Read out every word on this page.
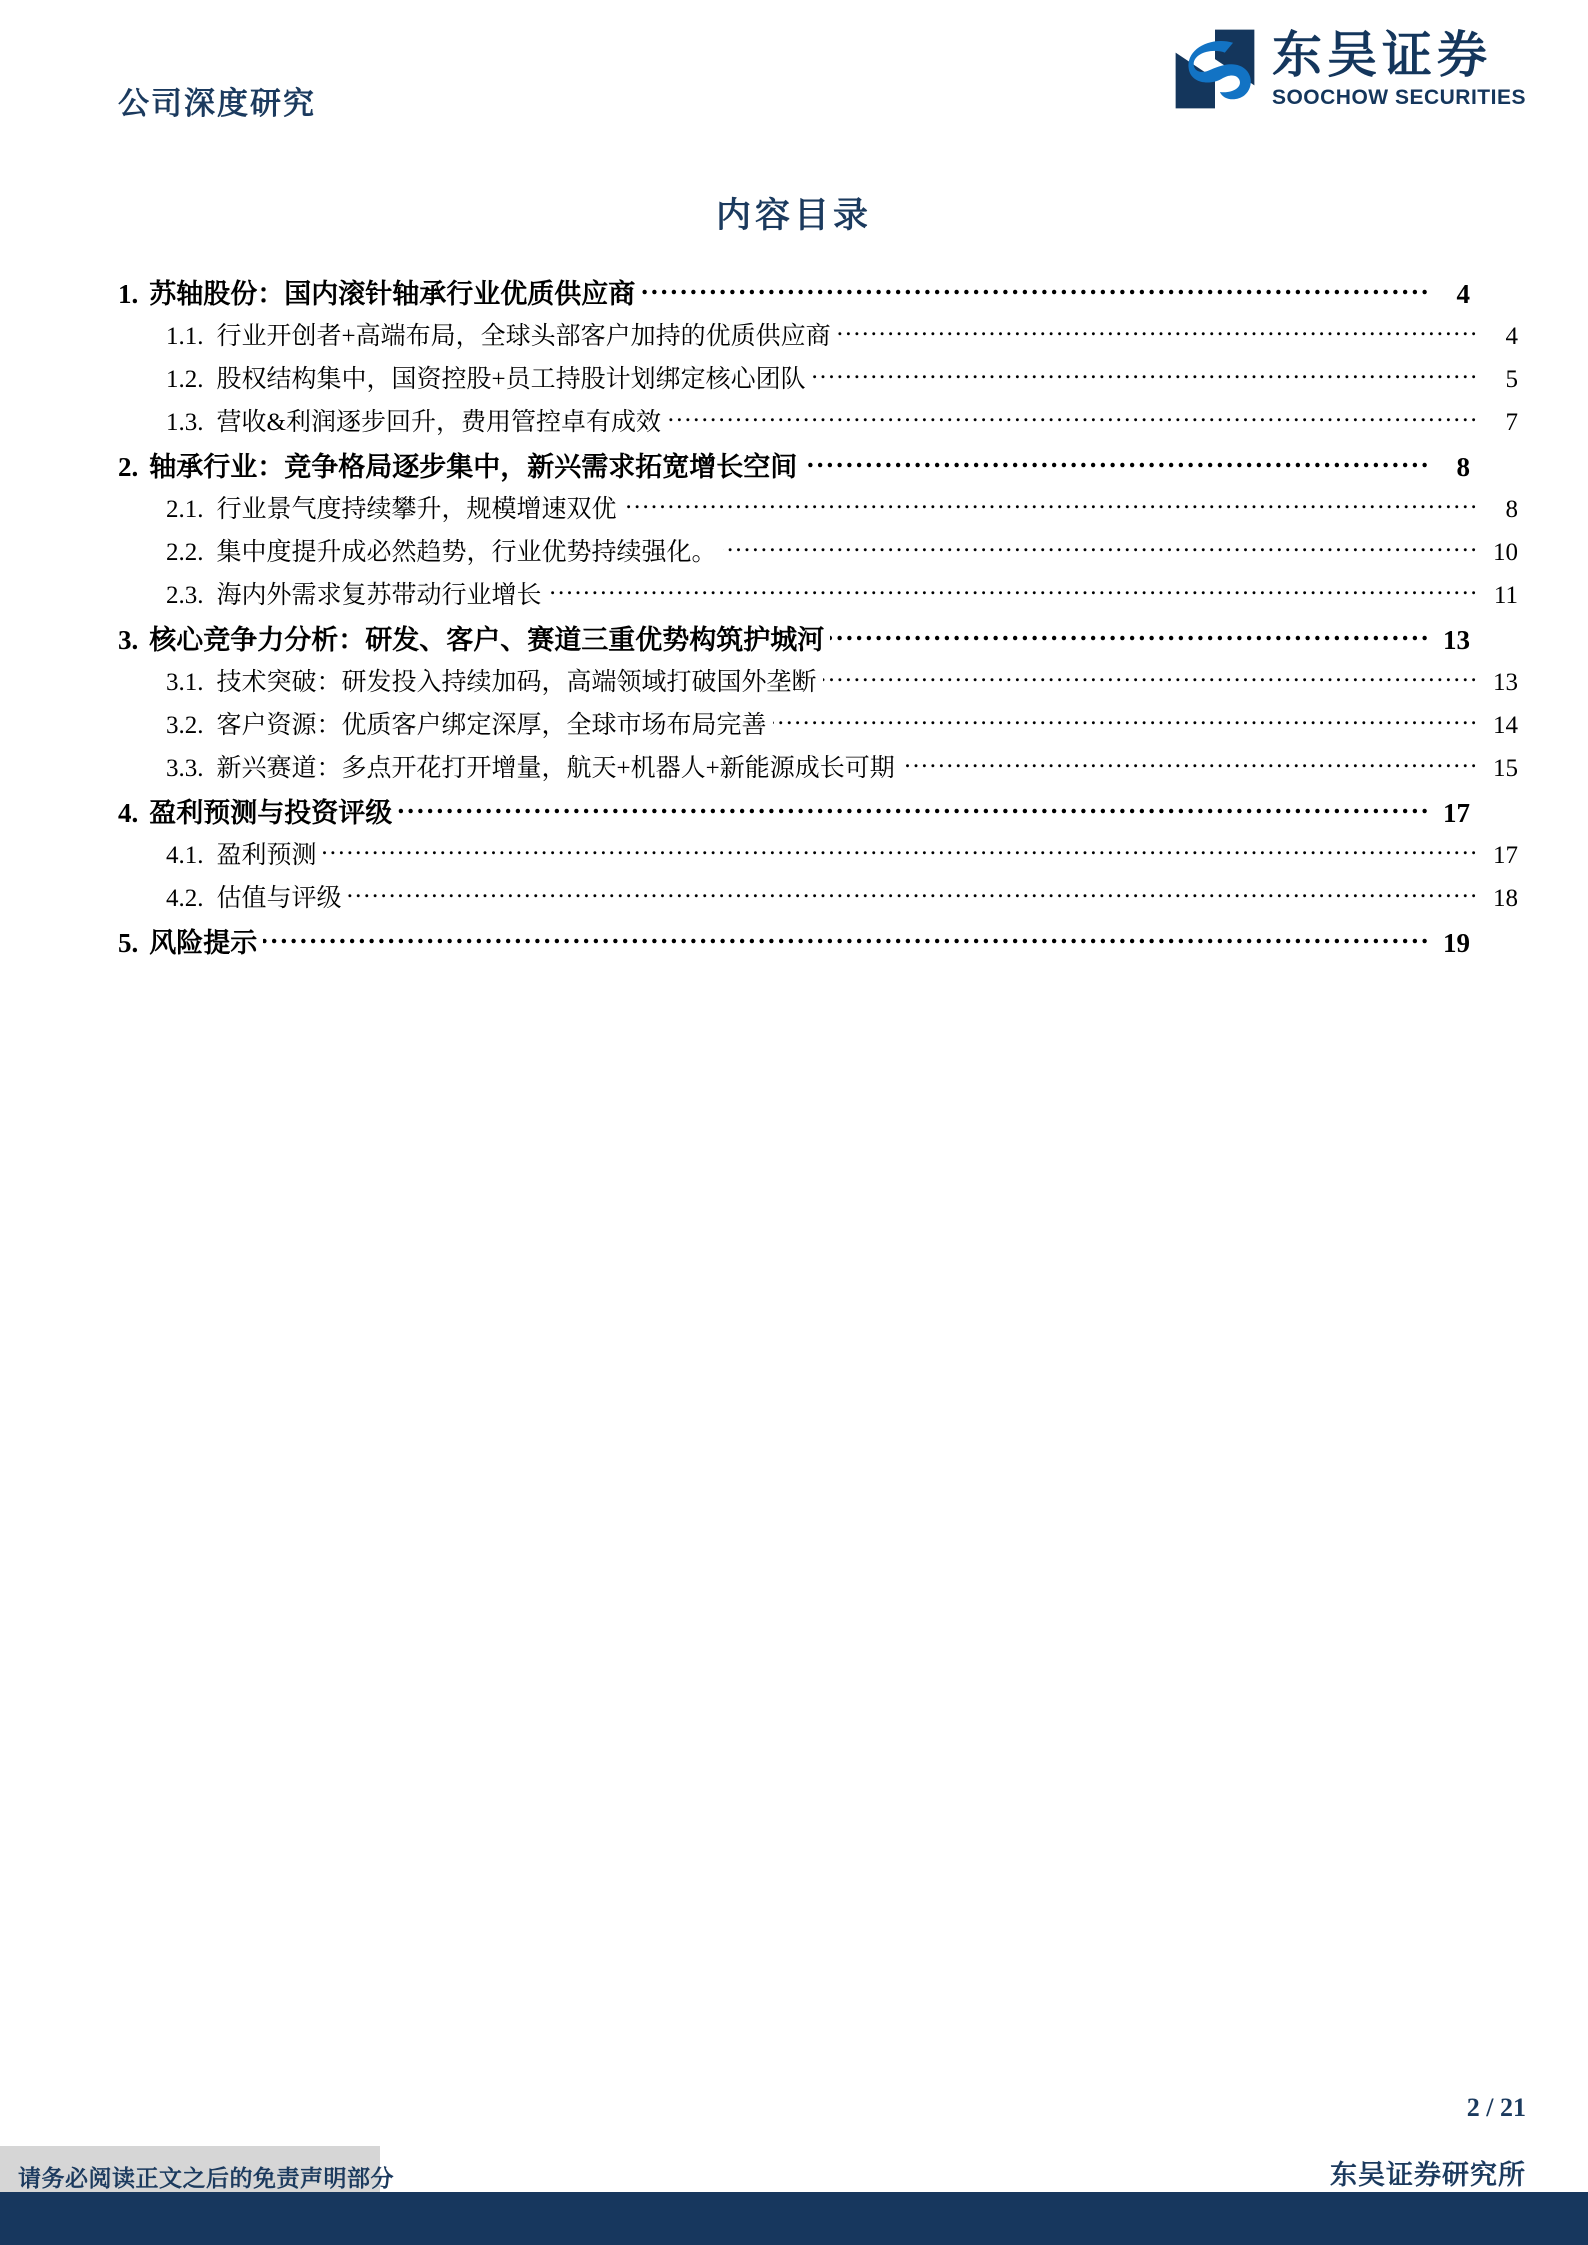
公司深度研究
东吴证券
SOOCHOW SECURITIES
内容目录
1. 苏轴股份：国内滚针轴承行业优质供应商 .....	4
1.1. 行业开创者+高端布局，全球头部客户加持的优质供应商 .....	4
1.2. 股权结构集中，国资控股+员工持股计划绑定核心团队 .....	5
1.3. 营收&利润逐步回升，费用管控卓有成效 .....	7
2. 轴承行业：竞争格局逐步集中，新兴需求拓宽增长空间 .....	8
2.1. 行业景气度持续攀升，规模增速双优 .....	8
2.2. 集中度提升成必然趋势，行业优势持续强化。 .....	10
2.3. 海内外需求复苏带动行业增长 .....	11
3. 核心竞争力分析：研发、客户、赛道三重优势构筑护城河 .....	13
3.1. 技术突破：研发投入持续加码，高端领域打破国外垄断 .....	13
3.2. 客户资源：优质客户绑定深厚，全球市场布局完善 .....	14
3.3. 新兴赛道：多点开花打开增量，航天+机器人+新能源成长可期 .....	15
4. 盈利预测与投资评级 .....	17
4.1. 盈利预测 .....	17
4.2. 估值与评级 .....	18
5. 风险提示 .....	19
2 / 21
东吴证券研究所
请务必阅读正文之后的免责声明部分
